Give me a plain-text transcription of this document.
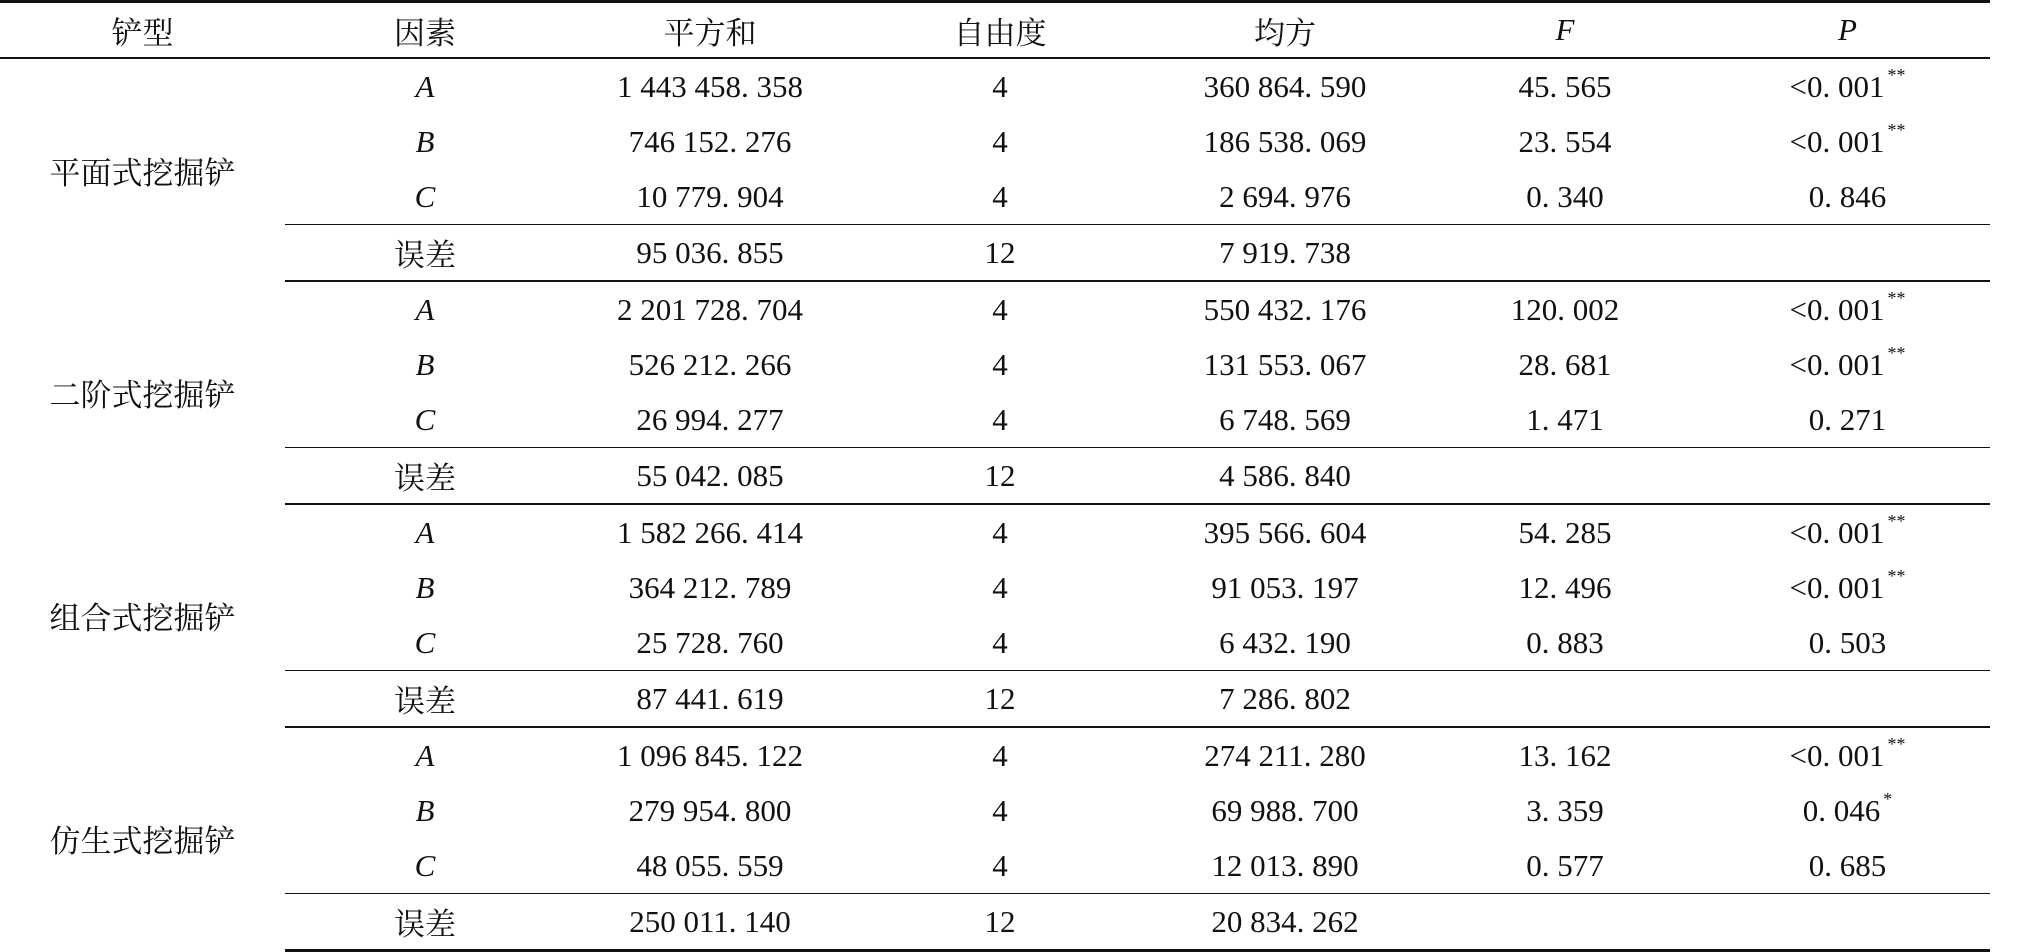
铲型	因素	平方和	自由度	均方	F	P
平面式挖掘铲	A	1 443 458. 358	4	360 864. 590	45. 565	<0. 001 **
	B	746 152. 276	4	186 538. 069	23. 554	<0. 001 **
	C	10 779. 904	4	2 694. 976	0. 340	0. 846
	误差	95 036. 855	12	7 919. 738		
二阶式挖掘铲	A	2 201 728. 704	4	550 432. 176	120. 002	<0. 001 **
	B	526 212. 266	4	131 553. 067	28. 681	<0. 001 **
	C	26 994. 277	4	6 748. 569	1. 471	0. 271
	误差	55 042. 085	12	4 586. 840		
组合式挖掘铲	A	1 582 266. 414	4	395 566. 604	54. 285	<0. 001 **
	B	364 212. 789	4	91 053. 197	12. 496	<0. 001 **
	C	25 728. 760	4	6 432. 190	0. 883	0. 503
	误差	87 441. 619	12	7 286. 802		
仿生式挖掘铲	A	1 096 845. 122	4	274 211. 280	13. 162	<0. 001 **
	B	279 954. 800	4	69 988. 700	3. 359	0. 046 *
	C	48 055. 559	4	12 013. 890	0. 577	0. 685
	误差	250 011. 140	12	20 834. 262		
